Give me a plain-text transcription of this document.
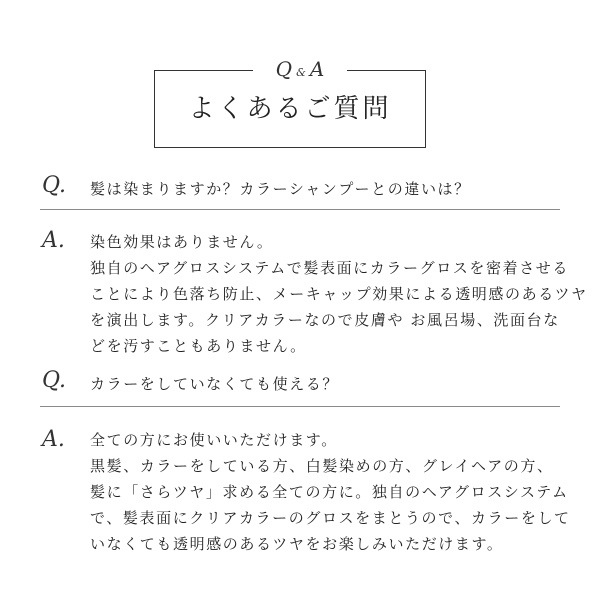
Q & A
よくあるご質問
Q. 髪は染まりますか？カラーシャンプーとの違いは？
A. 染色効果はありません。
独自のヘアグロスシステムで髪表面にカラーグロスを密着させる
ことにより色落ち防止、メーキャップ効果による透明感のあるツヤ
を演出します。クリアカラーなので皮膚や お風呂場、洗面台な
どを汚すこともありません。
Q. カラーをしていなくても使える？
A. 全ての方にお使いいただけます。
黒髪、カラーをしている方、白髪染めの方、グレイヘアの方、
髪に「さらツヤ」求める全ての方に。独自のヘアグロスシステム
で、髪表面にクリアカラーのグロスをまとうので、カラーをして
いなくても透明感のあるツヤをお楽しみいただけます。
